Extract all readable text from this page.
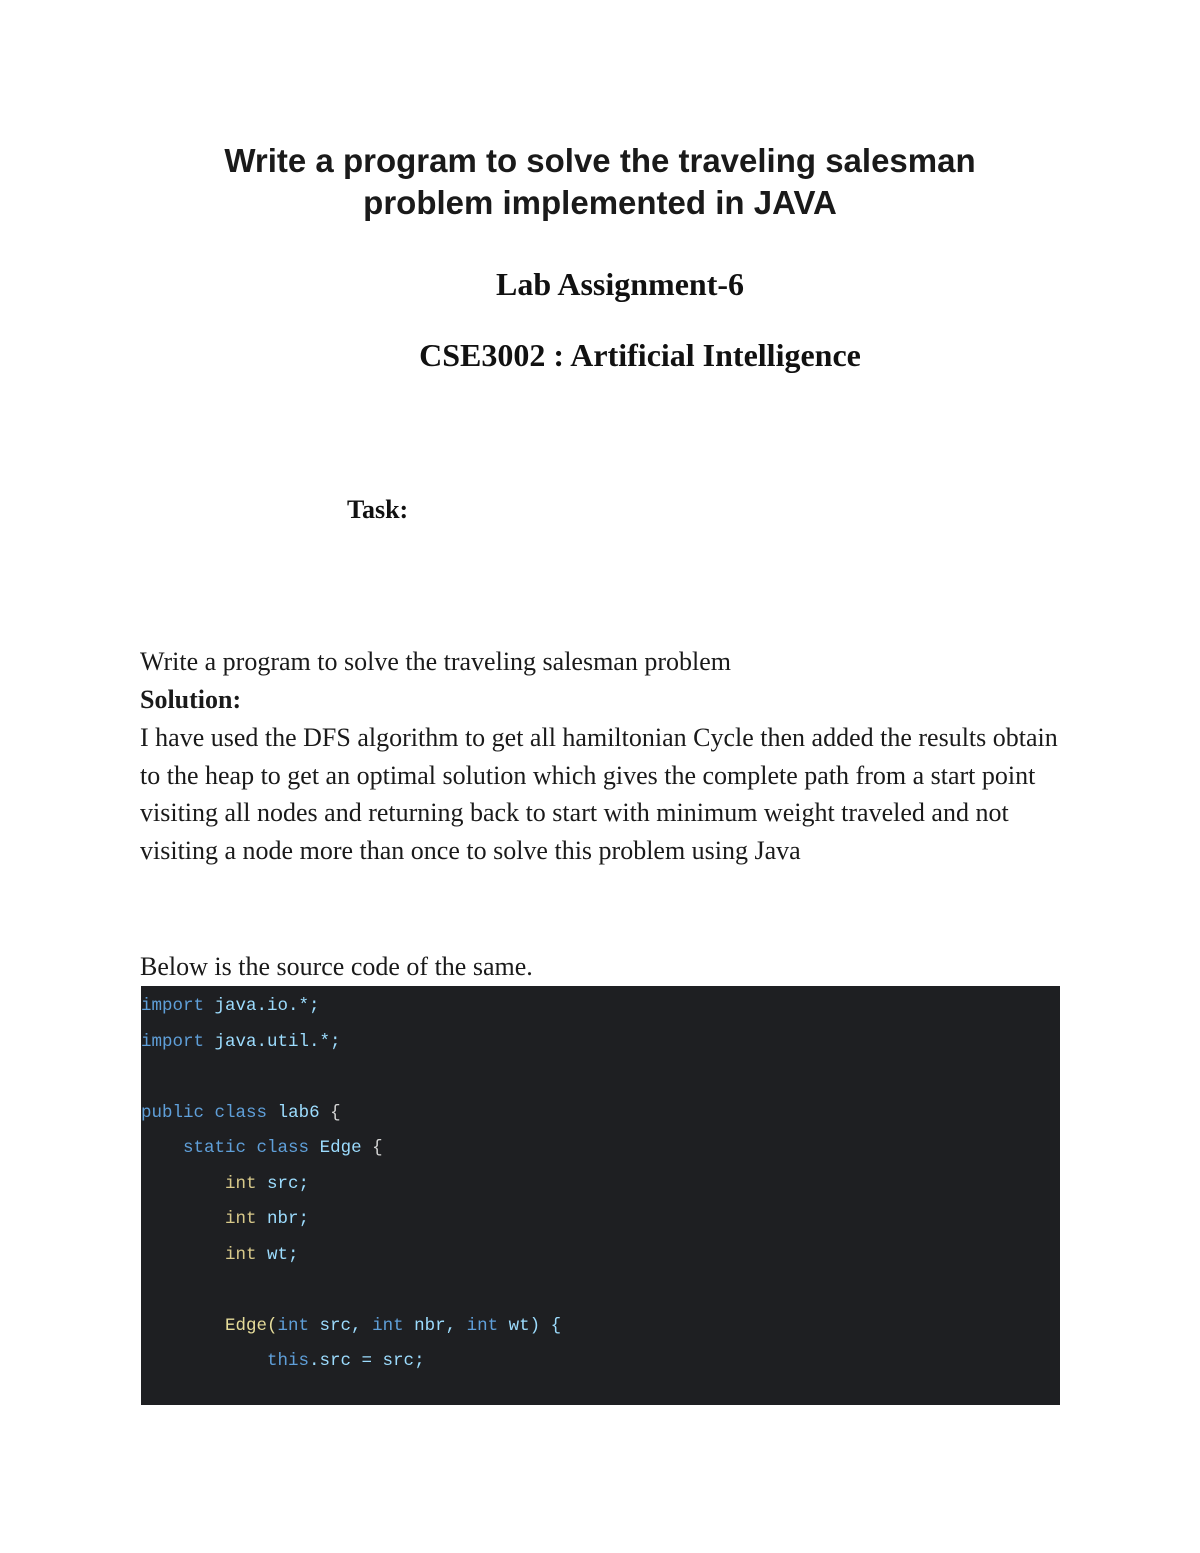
Write a program to solve the traveling salesman
problem implemented in JAVA
Lab Assignment-6
CSE3002 : Artificial Intelligence
Task:

Write a program to solve the traveling salesman problem

Solution:

I have used the DFS algorithm to get all hamiltonian Cycle then added the results obtain to the heap to get an optimal solution which gives the complete path from a start point visiting all nodes and returning back to start with minimum weight traveled and not visiting a node more than once to solve this problem using Java

Below is the source code of the same.

import java.io.*;
import java.util.*;

public class lab6 {
static class Edge {
int src;
int nbr;
int wt;

Edge(int src, int nbr, int wt) {
this.src = src;
